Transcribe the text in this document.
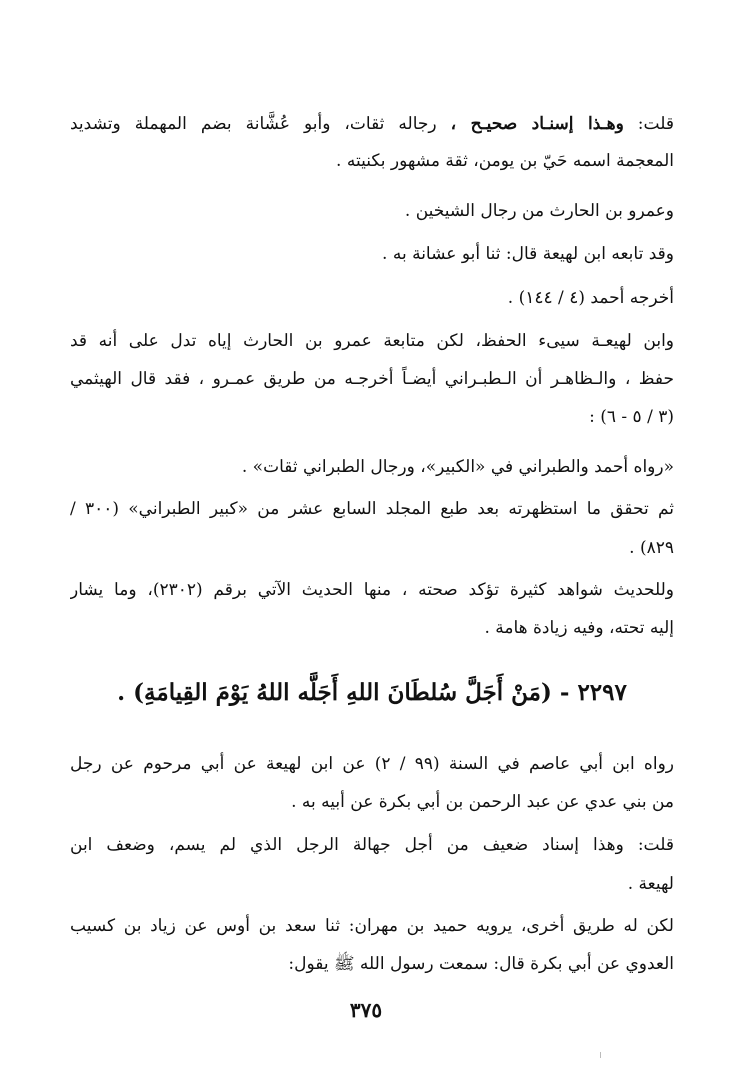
قلت: وهـذا إسنـاد صحيـح ، رجاله ثقات، وأبو عُشَّانة بضم المهملة وتشديد
المعجمة اسمه حَيّ بن يومن، ثقة مشهور بكنيته .
وعمرو بن الحارث من رجال الشيخين .
وقد تابعه ابن لهيعة قال: ثنا أبو عشانة به .
أخرجه أحمد (٤ / ١٤٤) .
وابن لهيعـة سيىء الحفظ، لكن متابعة عمرو بن الحارث إياه تدل على أنه قد
حفظ ، والـظاهـر أن الـطبـراني أيضـاً أخرجـه من طريق عمـرو ، فقد قال الهيثمي
(٣ / ٥ - ٦) :
«رواه أحمد والطبراني في «الكبير»، ورجال الطبراني ثقات» .
ثم تحقق ما استظهرته بعد طبع المجلد السابع عشر من «كبير الطبراني» (٣٠٠ /
٨٢٩) .
وللحديث شواهد كثيرة تؤكد صحته ، منها الحديث الآتي برقم (٢٣٠٢)، وما يشار
إليه تحته، وفيه زيادة هامة .
٢٢٩٧ - (مَنْ أَجَلَّ سُلطَانَ اللهِ أَجَلَّه اللهُ يَوْمَ القِيامَةِ) .
رواه ابن أبي عاصم في السنة (٩٩ / ٢) عن ابن لهيعة عن أبي مرحوم عن رجل
من بني عدي عن عبد الرحمن بن أبي بكرة عن أبيه به .
قلت: وهذا إسناد ضعيف من أجل جهالة الرجل الذي لم يسم، وضعف ابن
لهيعة .
لكن له طريق أخرى، يرويه حميد بن مهران: ثنا سعد بن أوس عن زياد بن كسيب
العدوي عن أبي بكرة قال: سمعت رسول الله ﷺ يقول:
٣٧٥
